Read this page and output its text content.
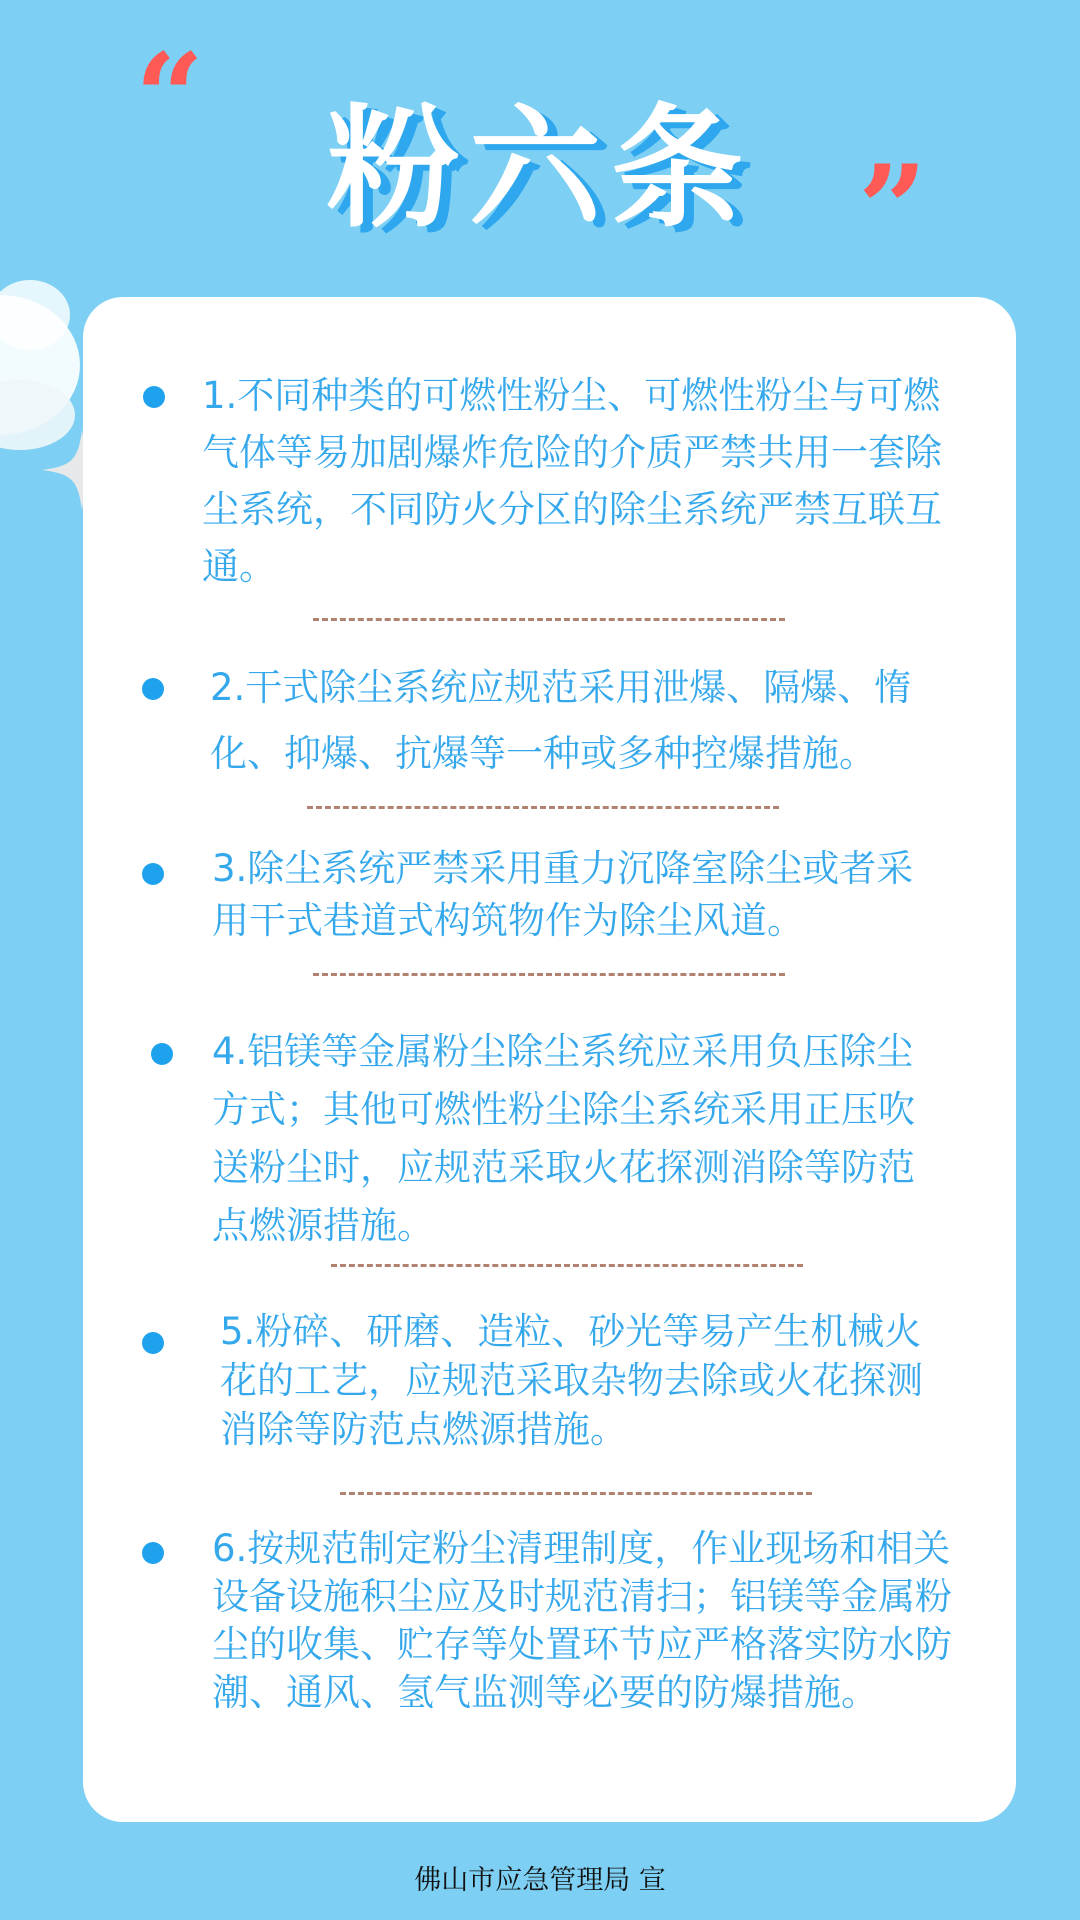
“ 粉六条 ”
1.不同种类的可燃性粉尘、可燃性粉尘与可燃气体等易加剧爆炸危险的介质严禁共用一套除尘系统，不同防火分区的除尘系统严禁互联互通。
2.干式除尘系统应规范采用泄爆、隔爆、惰化、抑爆、抗爆等一种或多种控爆措施。
3.除尘系统严禁采用重力沉降室除尘或者采用干式巷道式构筑物作为除尘风道。
4.铝镁等金属粉尘除尘系统应采用负压除尘方式；其他可燃性粉尘除尘系统采用正压吹送粉尘时，应规范采取火花探测消除等防范点燃源措施。
5.粉碎、研磨、造粒、砂光等易产生机械火花的工艺，应规范采取杂物去除或火花探测消除等防范点燃源措施。
6.按规范制定粉尘清理制度，作业现场和相关设备设施积尘应及时规范清扫；铝镁等金属粉尘的收集、贮存等处置环节应严格落实防水防潮、通风、氢气监测等必要的防爆措施。
佛山市应急管理局 宣
